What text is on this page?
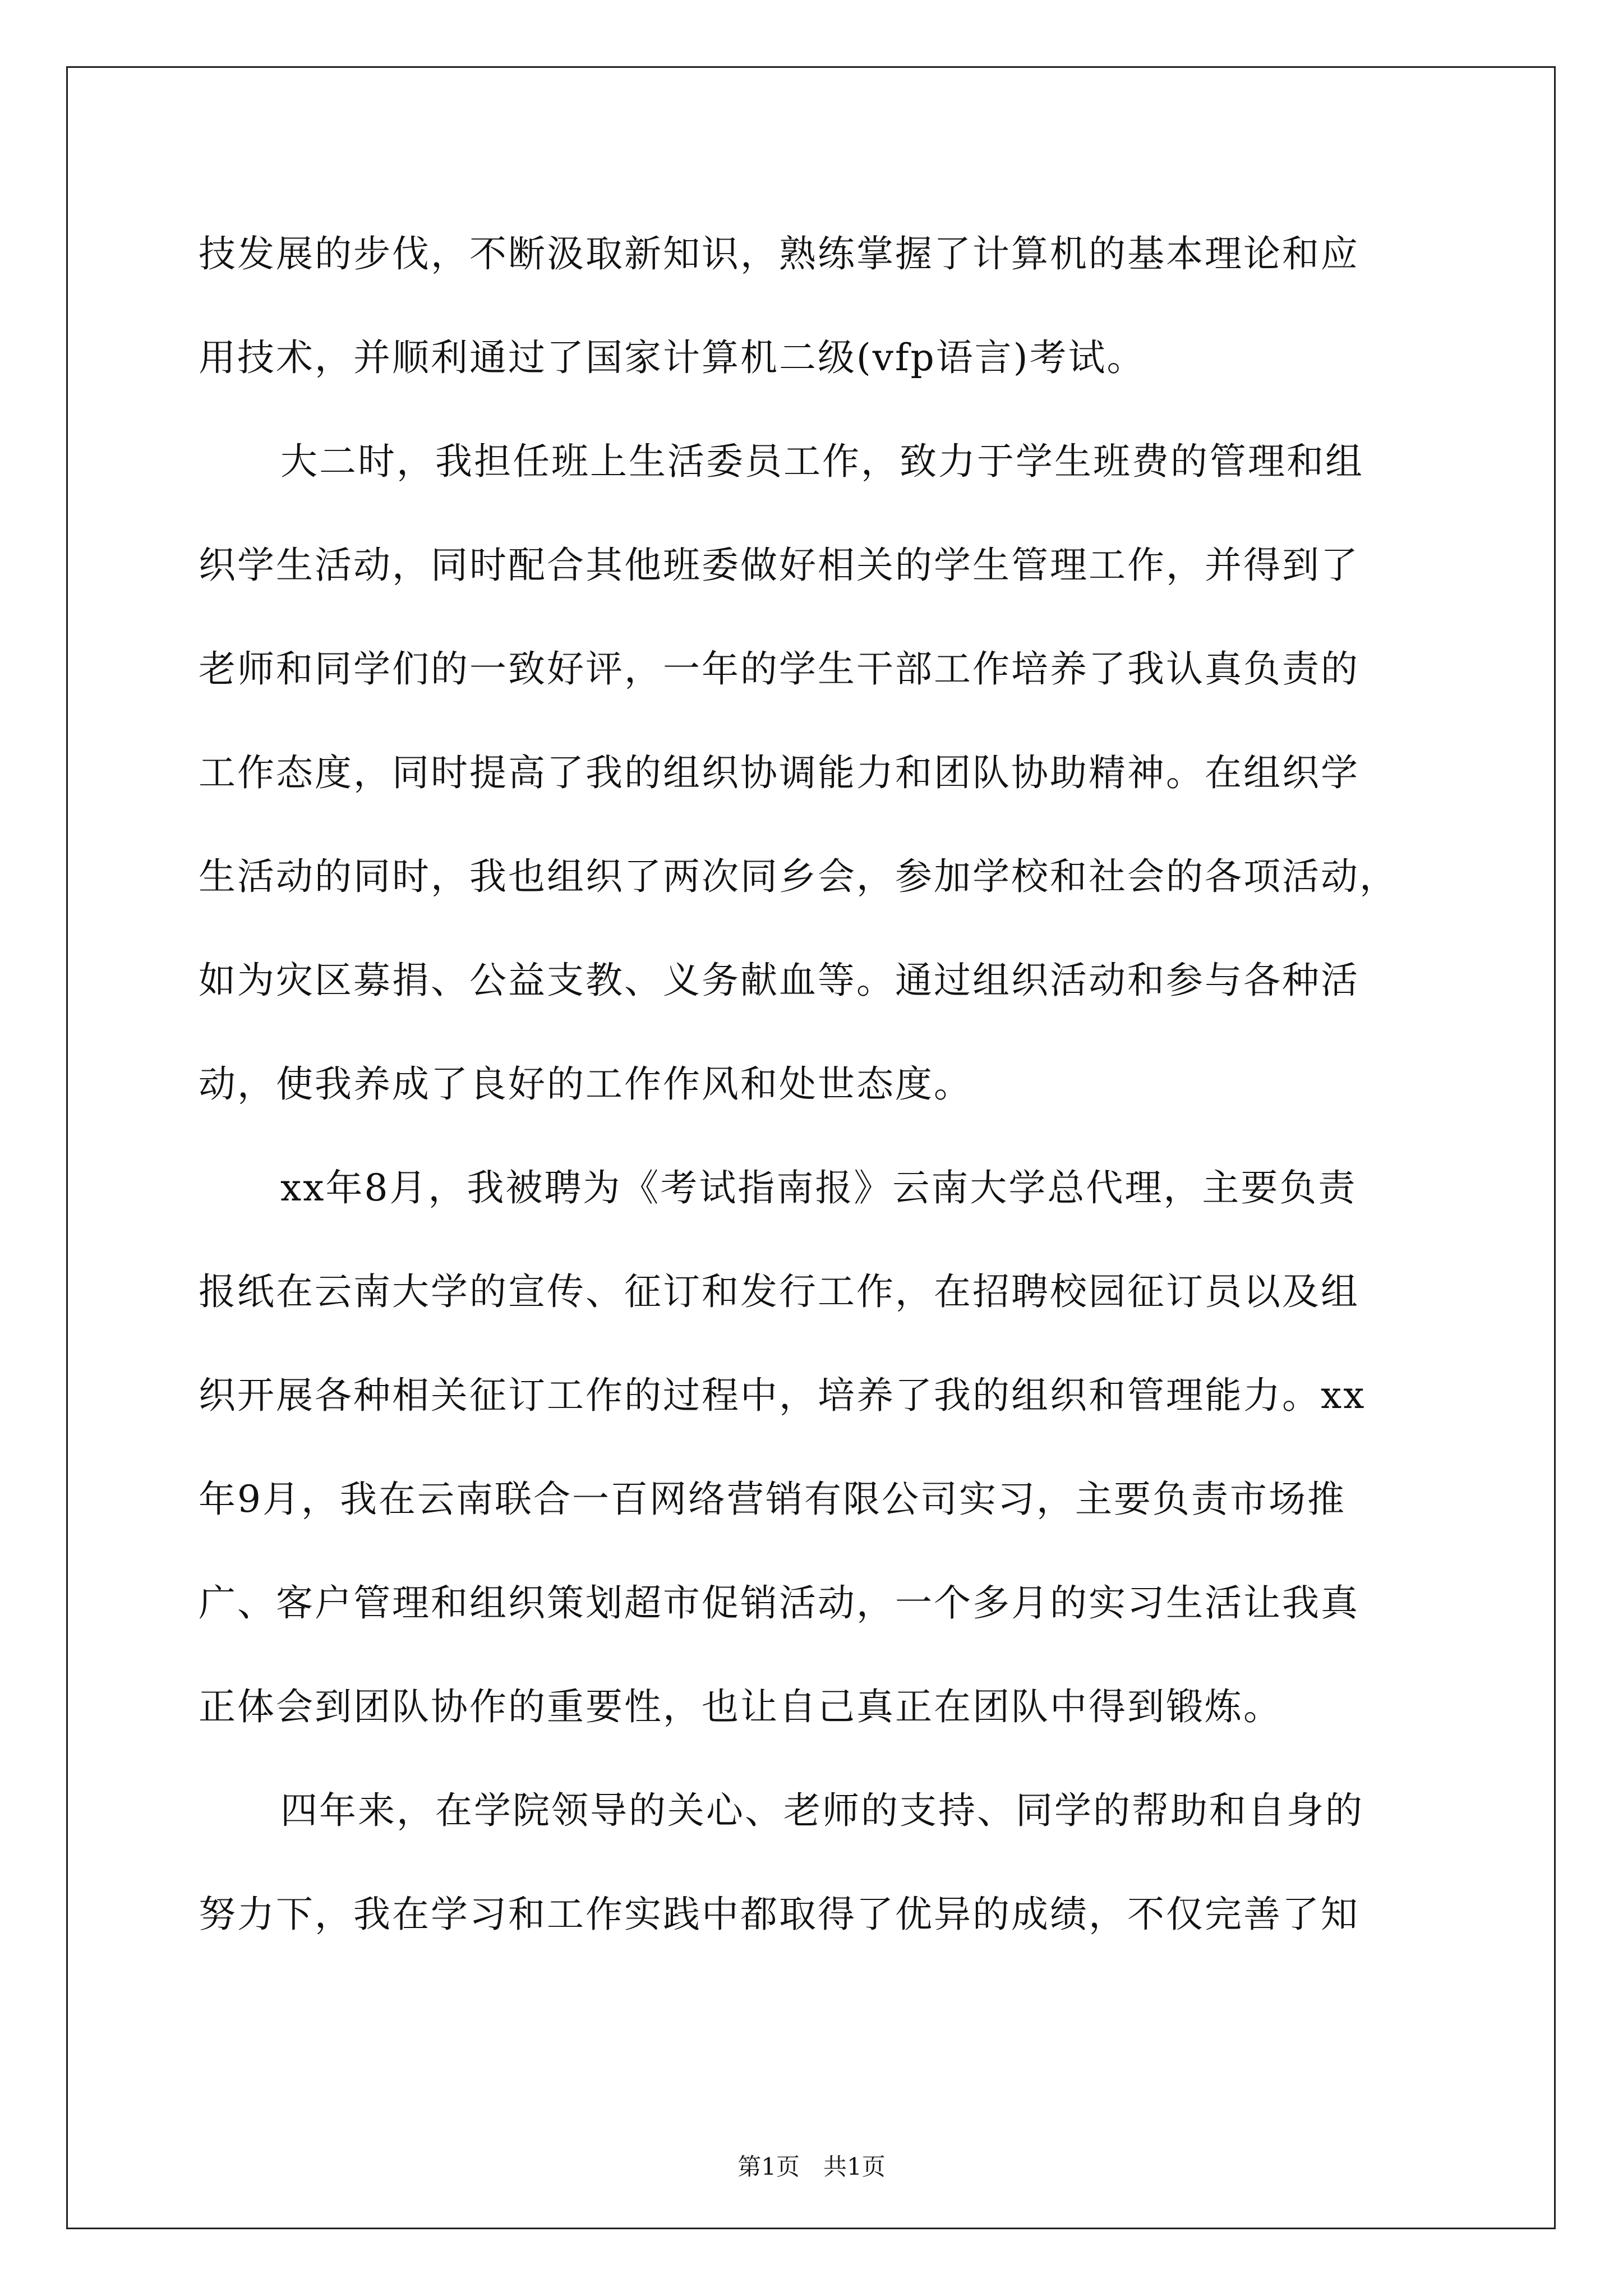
技发展的步伐，不断汲取新知识，熟练掌握了计算机的基本理论和应
用技术，并顺利通过了国家计算机二级(vfp语言)考试。
大二时，我担任班上生活委员工作，致力于学生班费的管理和组
织学生活动，同时配合其他班委做好相关的学生管理工作，并得到了
老师和同学们的一致好评，一年的学生干部工作培养了我认真负责的
工作态度，同时提高了我的组织协调能力和团队协助精神。在组织学
生活动的同时，我也组织了两次同乡会，参加学校和社会的各项活动，
如为灾区募捐、公益支教、义务献血等。通过组织活动和参与各种活
动，使我养成了良好的工作作风和处世态度。
xx年8月，我被聘为《考试指南报》云南大学总代理，主要负责
报纸在云南大学的宣传、征订和发行工作，在招聘校园征订员以及组
织开展各种相关征订工作的过程中，培养了我的组织和管理能力。xx
年9月，我在云南联合一百网络营销有限公司实习，主要负责市场推
广、客户管理和组织策划超市促销活动，一个多月的实习生活让我真
正体会到团队协作的重要性，也让自己真正在团队中得到锻炼。
四年来，在学院领导的关心、老师的支持、同学的帮助和自身的
努力下，我在学习和工作实践中都取得了优异的成绩，不仅完善了知
第1页　共1页
